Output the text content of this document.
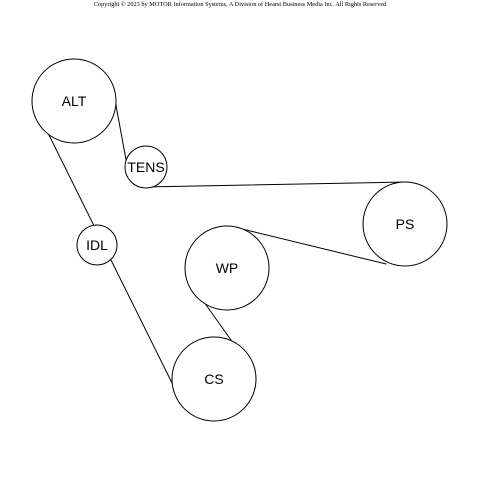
Copyright © 2023 by MOTOR Information Systems, A Division of Hearst Business Media Inc. All Rights Reserved
ALT
TENS
PS
IDL
WP
CS
